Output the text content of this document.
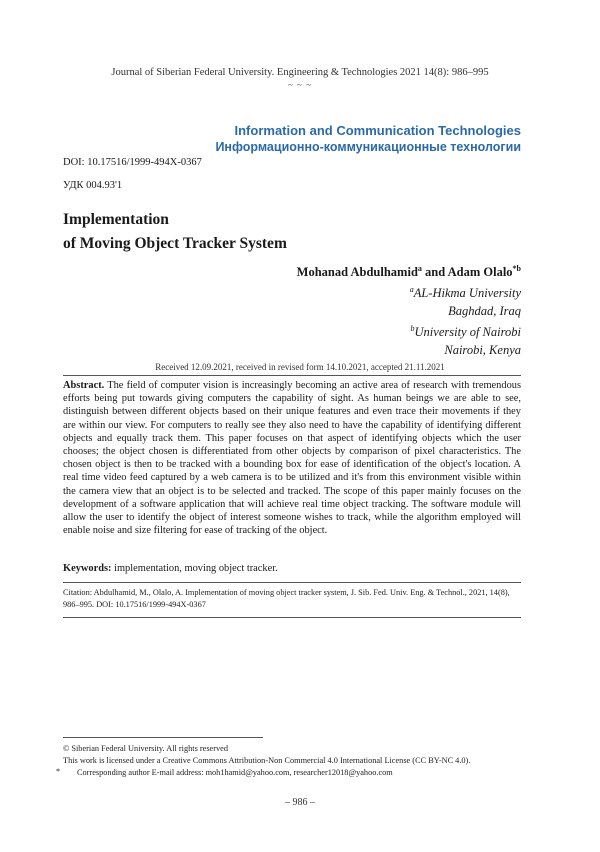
Journal of Siberian Federal University. Engineering & Technologies 2021 14(8): 986–995
~ ~ ~
Information and Communication Technologies
Информационно-коммуникационные технологии
DOI: 10.17516/1999-494X-0367
УДК 004.93'1
Implementation
of Moving Object Tracker System
Mohanad Abdulhamid$^a$ and Adam Olalo$^{*b}$
$^a$AL-Hikma University
Baghdad, Iraq
$^b$University of Nairobi
Nairobi, Kenya
Received 12.09.2021, received in revised form 14.10.2021, accepted 21.11.2021
Abstract. The field of computer vision is increasingly becoming an active area of research with tremendous efforts being put towards giving computers the capability of sight. As human beings we are able to see, distinguish between different objects based on their unique features and even trace their movements if they are within our view. For computers to really see they also need to have the capability of identifying different objects and equally track them. This paper focuses on that aspect of identifying objects which the user chooses; the object chosen is differentiated from other objects by comparison of pixel characteristics. The chosen object is then to be tracked with a bounding box for ease of identification of the object's location. A real time video feed captured by a web camera is to be utilized and it's from this environment visible within the camera view that an object is to be selected and tracked. The scope of this paper mainly focuses on the development of a software application that will achieve real time object tracking. The software module will allow the user to identify the object of interest someone wishes to track, while the algorithm employed will enable noise and size filtering for ease of tracking of the object.
Keywords: implementation, moving object tracker.
Citation: Abdulhamid, M., Olalo, A. Implementation of moving object tracker system, J. Sib. Fed. Univ. Eng. & Technol., 2021, 14(8), 986–995. DOI: 10.17516/1999-494X-0367
© Siberian Federal University. All rights reserved
This work is licensed under a Creative Commons Attribution-Non Commercial 4.0 International License (CC BY-NC 4.0).
* Corresponding author E-mail address: moh1hamid@yahoo.com, researcher1201​8@yahoo.com
– 986 –
